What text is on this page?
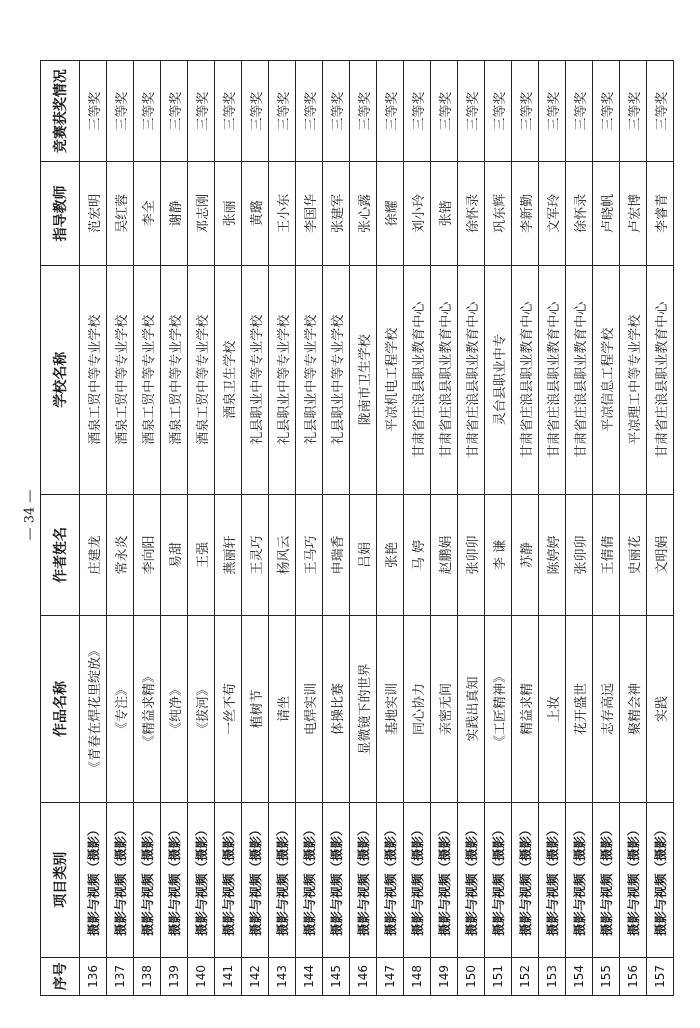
序号	项目类别	作品名称	作者姓名	学校名称	指导教师	竞赛获奖情况
136	摄影与视频（摄影）	《青春在焊花里绽放》	庄建龙	酒泉工贸中等专业学校	范宏明	三等奖
137	摄影与视频（摄影）	《专注》	常永炎	酒泉工贸中等专业学校	吴红蓉	三等奖
138	摄影与视频（摄影）	《精益求精》	李向阳	酒泉工贸中等专业学校	李全	三等奖
139	摄影与视频（摄影）	《纯净》	易甜	酒泉工贸中等专业学校	谢静	三等奖
140	摄影与视频（摄影）	《拔河》	王强	酒泉工贸中等专业学校	邓志刚	三等奖
141	摄影与视频（摄影）	一丝不苟	燕丽轩	酒泉卫生学校	张丽	三等奖
142	摄影与视频（摄影）	植树节	王灵巧	礼县职业中等专业学校	黄璐	三等奖
143	摄影与视频（摄影）	请坐	杨风云	礼县职业中等专业学校	王小东	三等奖
144	摄影与视频（摄影）	电焊实训	王马巧	礼县职业中等专业学校	李国华	三等奖
145	摄影与视频（摄影）	体操比赛	申瑞香	礼县职业中等专业学校	张建军	三等奖
146	摄影与视频（摄影）	显微镜下的世界	吕娟	陇南市卫生学校	张心露	三等奖
147	摄影与视频（摄影）	基地实训	张艳	平凉机电工程学校	徐耀	三等奖
148	摄影与视频（摄影）	同心协力	马 婷	甘肃省庄浪县职业教育中心	刘小玲	三等奖
149	摄影与视频（摄影）	亲密无间	赵鹏娟	甘肃省庄浪县职业教育中心	张锴	三等奖
150	摄影与视频（摄影）	实践出真知	张卯卯	甘肃省庄浪县职业教育中心	徐怀录	三等奖
151	摄影与视频（摄影）	《工匠精神》	李 谦	灵台县职业中专	巩东辉	三等奖
152	摄影与视频（摄影）	精益求精	苏静	甘肃省庄浪县职业教育中心	李新勤	三等奖
153	摄影与视频（摄影）	上妆	陈婷婷	甘肃省庄浪县职业教育中心	文军玲	三等奖
154	摄影与视频（摄影）	花开盛世	张卯卯	甘肃省庄浪县职业教育中心	徐怀录	三等奖
155	摄影与视频（摄影）	志存高远	王倩倩	平凉信息工程学校	卢晓帆	三等奖
156	摄影与视频（摄影）	聚精会神	史丽花	平凉理工中等专业学校	卢宏博	三等奖
157	摄影与视频（摄影）	实践	文明娟	甘肃省庄浪县职业教育中心	李睿青	三等奖
— 34 —
